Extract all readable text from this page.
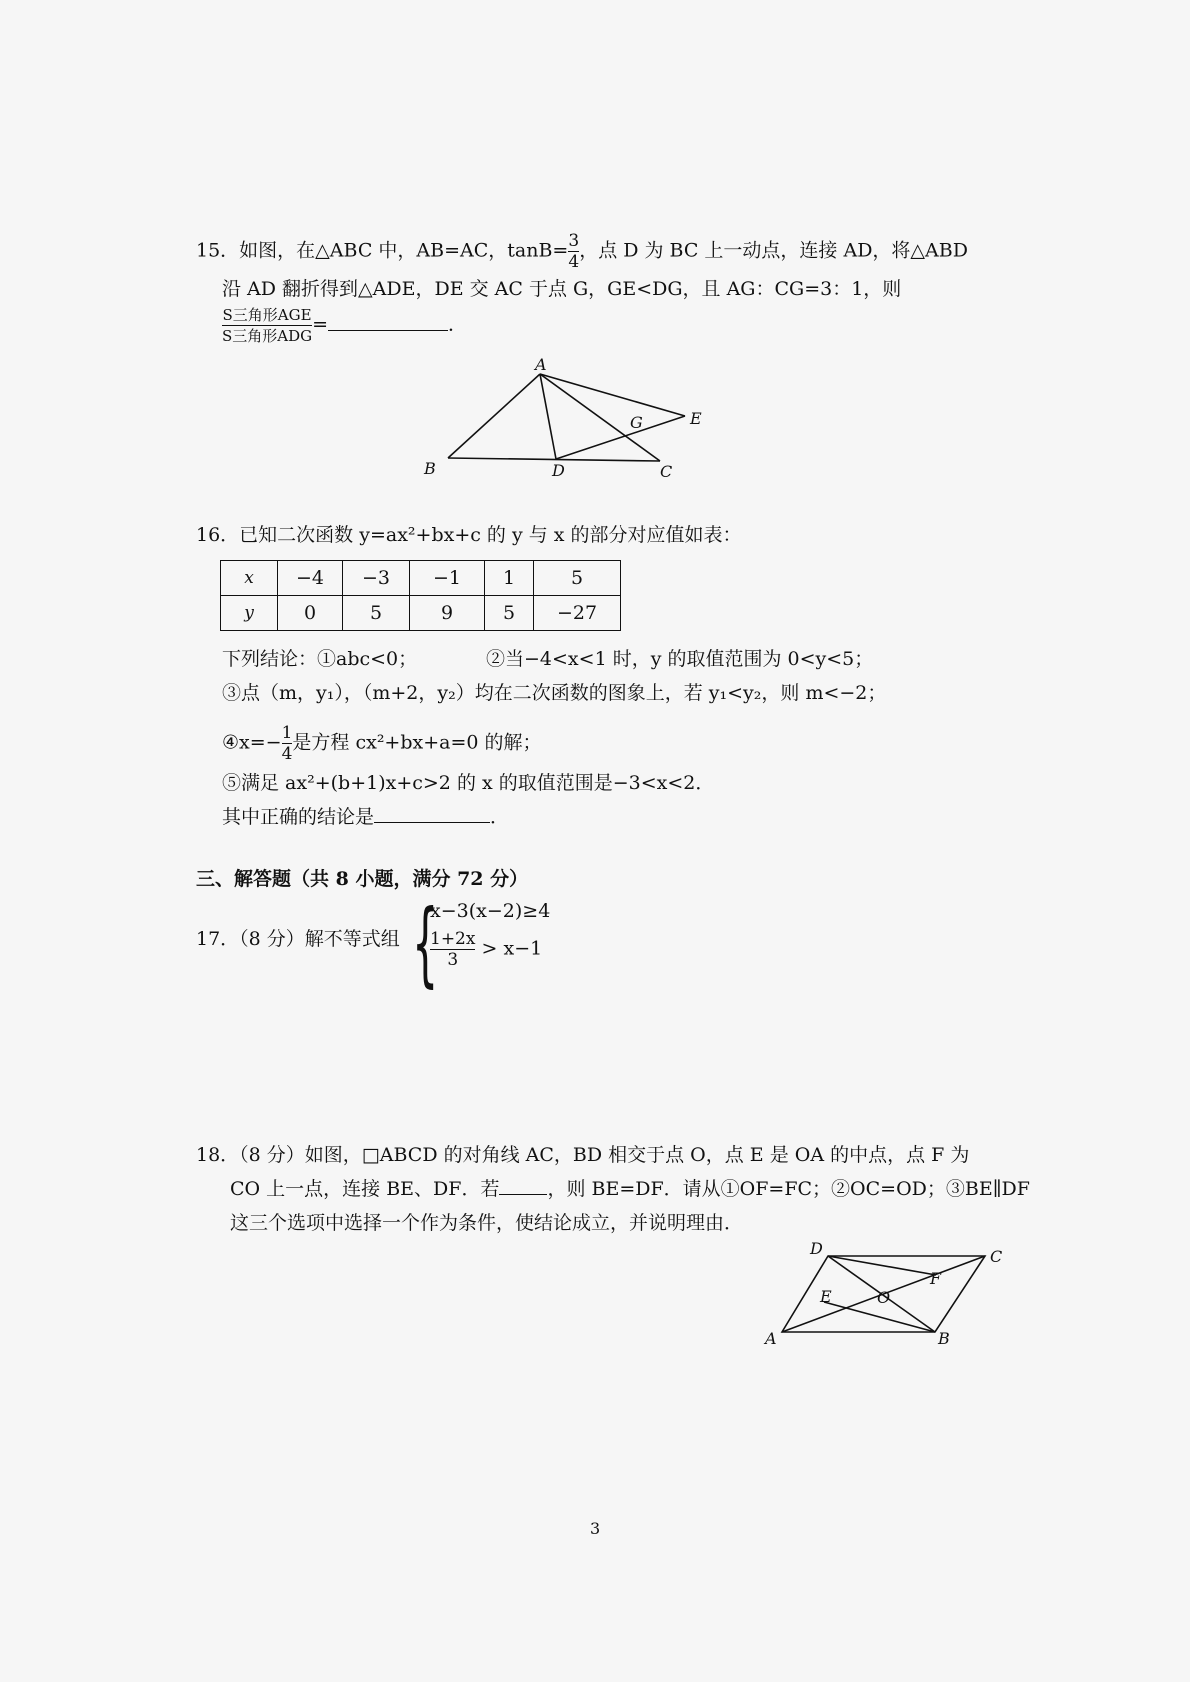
15．如图，在△ABC 中，AB=AC，$\tan B= \frac{3}{4}$ ，点 D 为 BC 上一动点，连接 AD，将△ABD
沿 AD 翻折得到△ADE，DE 交 AC 于点 G，GE<DG，且 AG：CG=3：1，则
$\frac{\text{S三角形AGE}}{\text{S三角形ADG}}$ =	．
A
B	C
D
E
G
16．已知二次函数 y=ax²+bx+c 的 y 与 x 的部分对应值如表：
x	−4	−3	−1	1	5
y	0	5	9	5	−27
下列结论：①abc<0；	②当−4<x<1 时，y 的取值范围为 0<y<5；
③点（m，y₁），（m+2，y₂）均在二次函数的图象上，若 y₁<y₂，则 m<−2；
④x=− $\frac{1}{4}$ 是方程 cx²+bx+a=0 的解；
⑤满足 ax²+(b+1)x+c>2 的 x 的取值范围是−3<x<2．
其中正确的结论是	．
三、解答题（共 8 小题，满分 72 分）
17．（8 分）解不等式组 {
x−3(x−2)≥4
$\frac{1+2x}{3} > x-1$
18．（8 分）如图，□ABCD 的对角线 AC，BD 相交于点 O，点 E 是 OA 的中点，点 F 为
CO 上一点，连接 BE、DF．若	，则 BE=DF．请从①OF=FC；②OC=OD；③BE∥DF
这三个选项中选择一个作为条件，使结论成立，并说明理由．
D	C
A	B
E	O
F
3
